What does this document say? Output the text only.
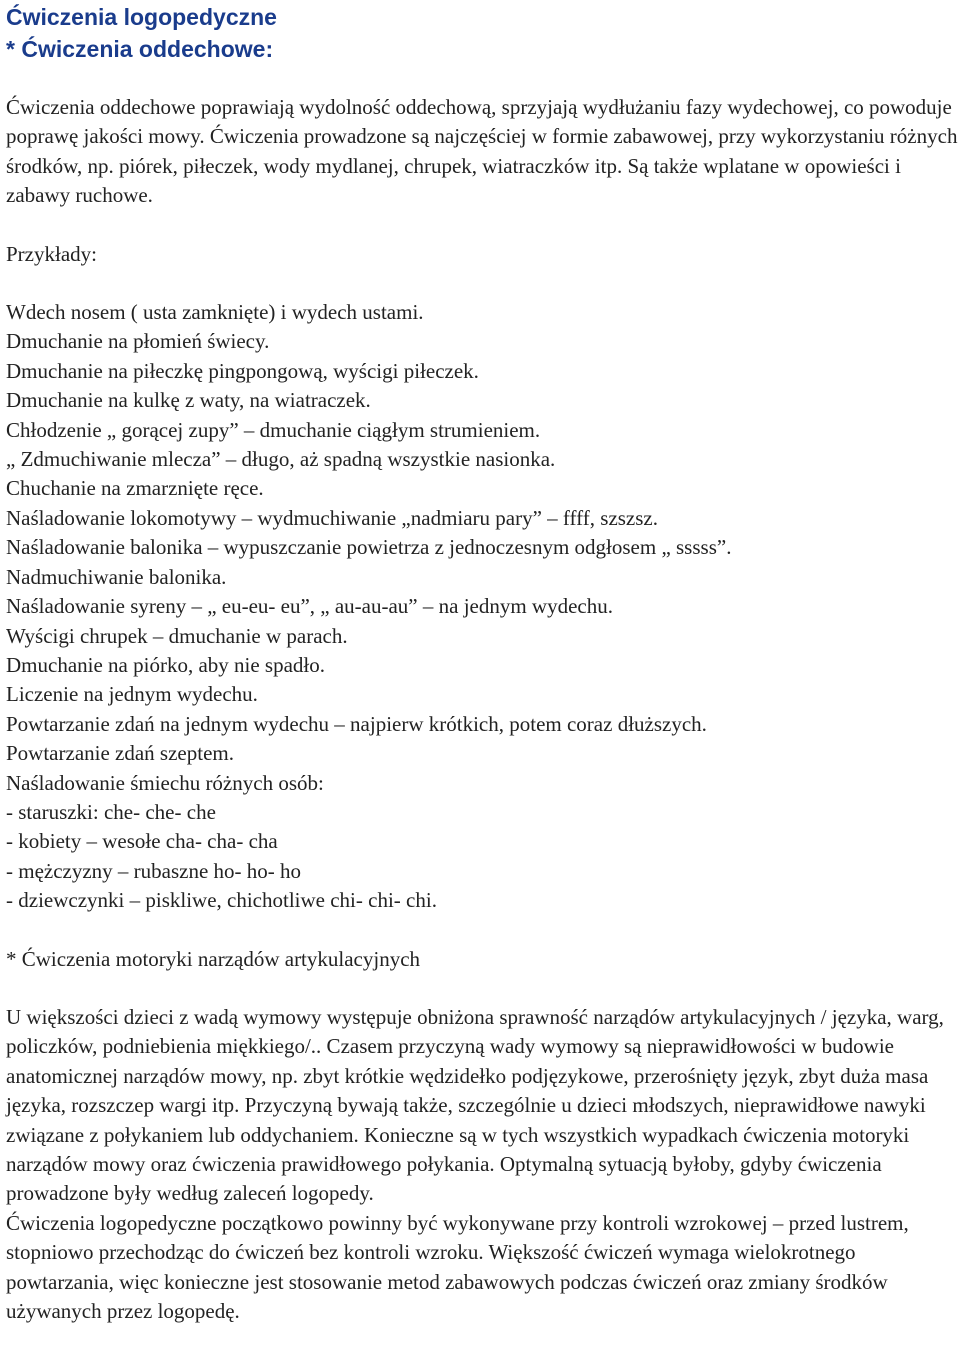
Ćwiczenia logopedyczne
* Ćwiczenia oddechowe:

Ćwiczenia oddechowe poprawiają wydolność oddechową, sprzyjają wydłużaniu fazy wydechowej, co powoduje poprawę jakości mowy. Ćwiczenia prowadzone są najczęściej w formie zabawowej, przy wykorzystaniu różnych środków, np. piórek, piłeczek, wody mydlanej, chrupek, wiatraczków itp. Są także wplatane w opowieści i zabawy ruchowe.

Przykłady:

Wdech nosem ( usta zamknięte) i wydech ustami.
Dmuchanie na płomień świecy.
Dmuchanie na piłeczkę pingpongową, wyścigi piłeczek.
Dmuchanie na kulkę z waty, na wiatraczek.
Chłodzenie „ gorącej zupy” – dmuchanie ciągłym strumieniem.
„ Zdmuchiwanie mlecza” – długo, aż spadną wszystkie nasionka.
Chuchanie na zmarznięte ręce.
Naśladowanie lokomotywy – wydmuchiwanie „nadmiaru pary” – ffff, szszsz.
Naśladowanie balonika – wypuszczanie powietrza z jednoczesnym odgłosem „ sssss”.
Nadmuchiwanie balonika.
Naśladowanie syreny – „ eu-eu- eu”, „ au-au-au” – na jednym wydechu.
Wyścigi chrupek – dmuchanie w parach.
Dmuchanie na piórko, aby nie spadło.
Liczenie na jednym wydechu.
Powtarzanie zdań na jednym wydechu – najpierw krótkich, potem coraz dłuższych.
Powtarzanie zdań szeptem.
Naśladowanie śmiechu różnych osób:
- staruszki: che- che- che
- kobiety – wesołe cha- cha- cha
- mężczyzny – rubaszne ho- ho- ho
- dziewczynki – piskliwe, chichotliwe chi- chi- chi.

* Ćwiczenia motoryki narządów artykulacyjnych

U większości dzieci z wadą wymowy występuje obniżona sprawność narządów artykulacyjnych / języka, warg, policzków, podniebienia miękkiego/.. Czasem przyczyną wady wymowy są nieprawidłowości w budowie anatomicznej narządów mowy, np. zbyt krótkie wędzidełko podjęzykowe, przerośnięty język, zbyt duża masa języka, rozszczep wargi itp. Przyczyną bywają także, szczególnie u dzieci młodszych, nieprawidłowe nawyki związane z połykaniem lub oddychaniem. Konieczne są w tych wszystkich wypadkach ćwiczenia motoryki narządów mowy oraz ćwiczenia prawidłowego połykania. Optymalną sytuacją byłoby, gdyby ćwiczenia prowadzone były według zaleceń logopedy.

Ćwiczenia logopedyczne początkowo powinny być wykonywane przy kontroli wzrokowej – przed lustrem, stopniowo przechodząc do ćwiczeń bez kontroli wzroku. Większość ćwiczeń wymaga wielokrotnego powtarzania, więc konieczne jest stosowanie metod zabawowych podczas ćwiczeń oraz zmiany środków używanych przez logopedę.
